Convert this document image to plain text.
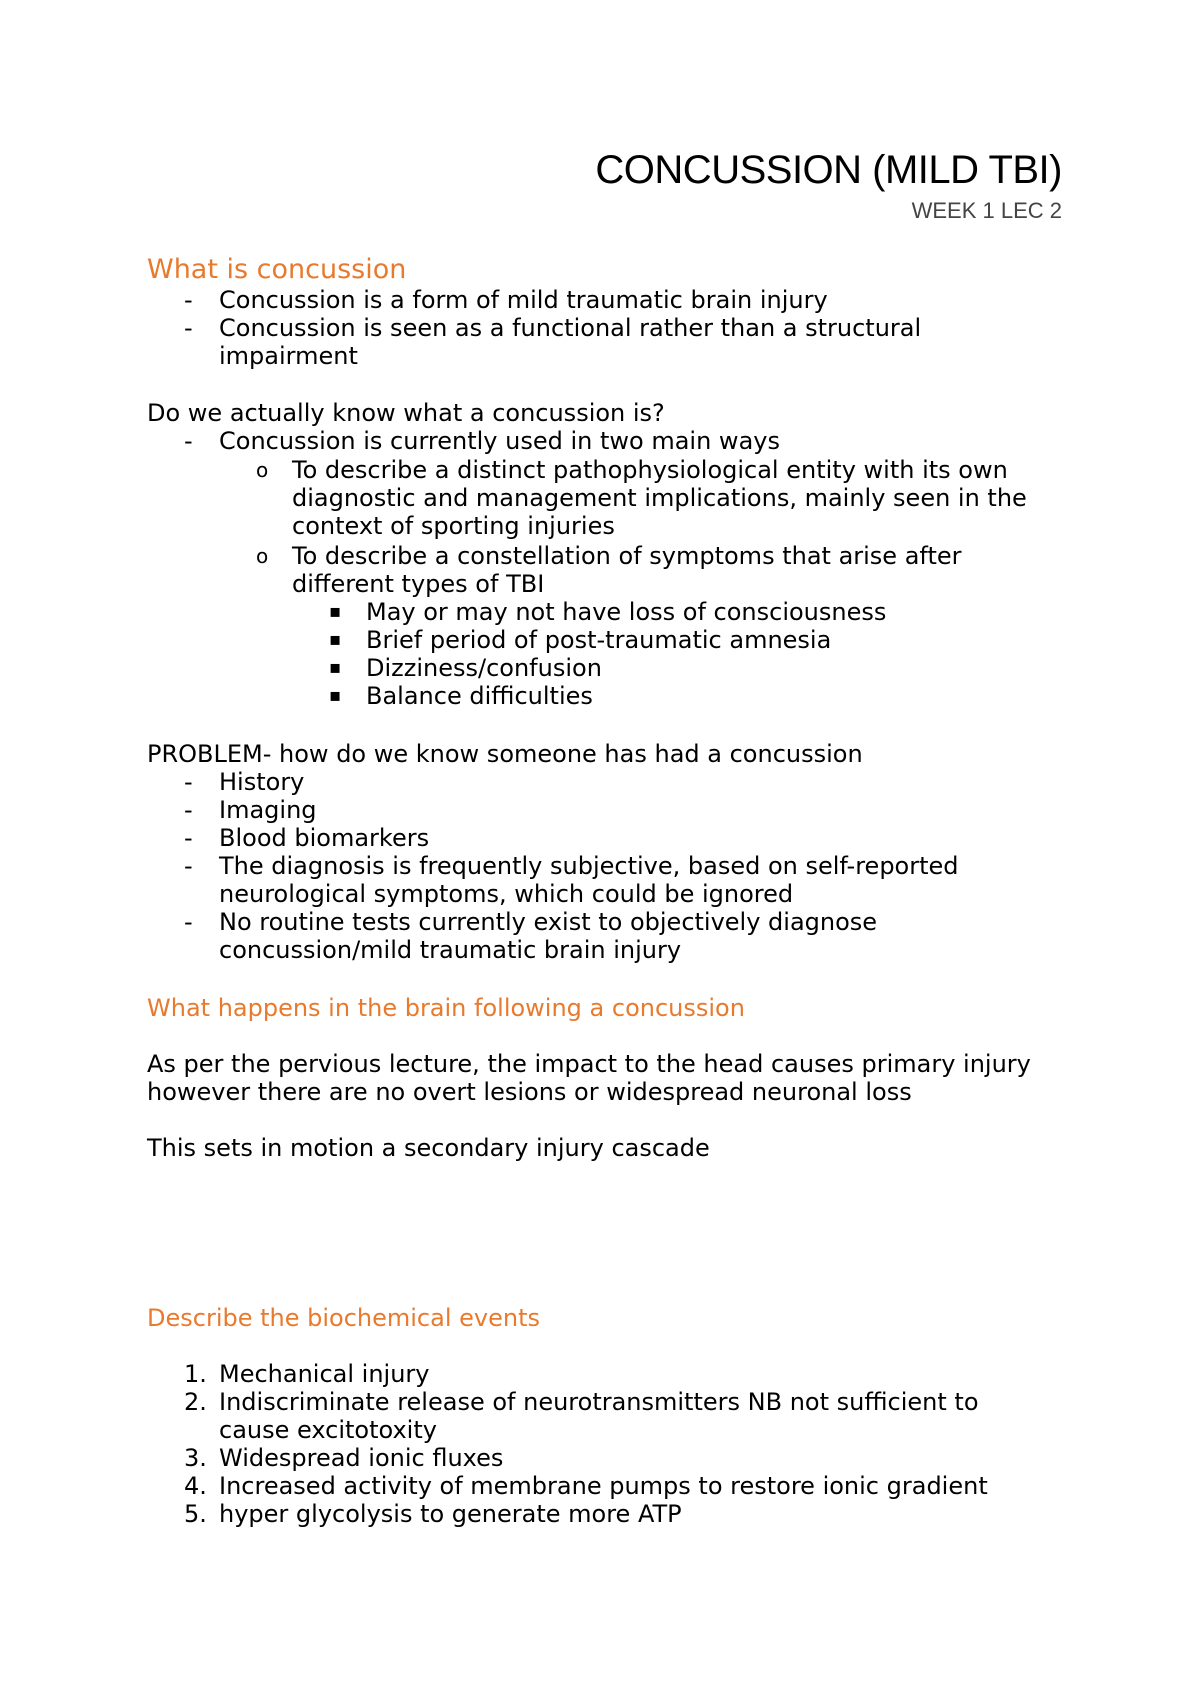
CONCUSSION (MILD TBI)
WEEK 1 LEC 2
What is concussion
- Concussion is a form of mild traumatic brain injury
- Concussion is seen as a functional rather than a structural
impairment
Do we actually know what a concussion is?
- Concussion is currently used in two main ways
o To describe a distinct pathophysiological entity with its own
diagnostic and management implications, mainly seen in the
context of sporting injuries
o To describe a constellation of symptoms that arise after
different types of TBI
▪ May or may not have loss of consciousness
▪ Brief period of post-traumatic amnesia
▪ Dizziness/confusion
▪ Balance difficulties
PROBLEM- how do we know someone has had a concussion
- History
- Imaging
- Blood biomarkers
- The diagnosis is frequently subjective, based on self-reported
neurological symptoms, which could be ignored
- No routine tests currently exist to objectively diagnose
concussion/mild traumatic brain injury
What happens in the brain following a concussion
As per the pervious lecture, the impact to the head causes primary injury
however there are no overt lesions or widespread neuronal loss
This sets in motion a secondary injury cascade
Describe the biochemical events
1. Mechanical injury
2. Indiscriminate release of neurotransmitters NB not sufficient to
cause excitotoxity
3. Widespread ionic fluxes
4. Increased activity of membrane pumps to restore ionic gradient
5. hyper glycolysis to generate more ATP
